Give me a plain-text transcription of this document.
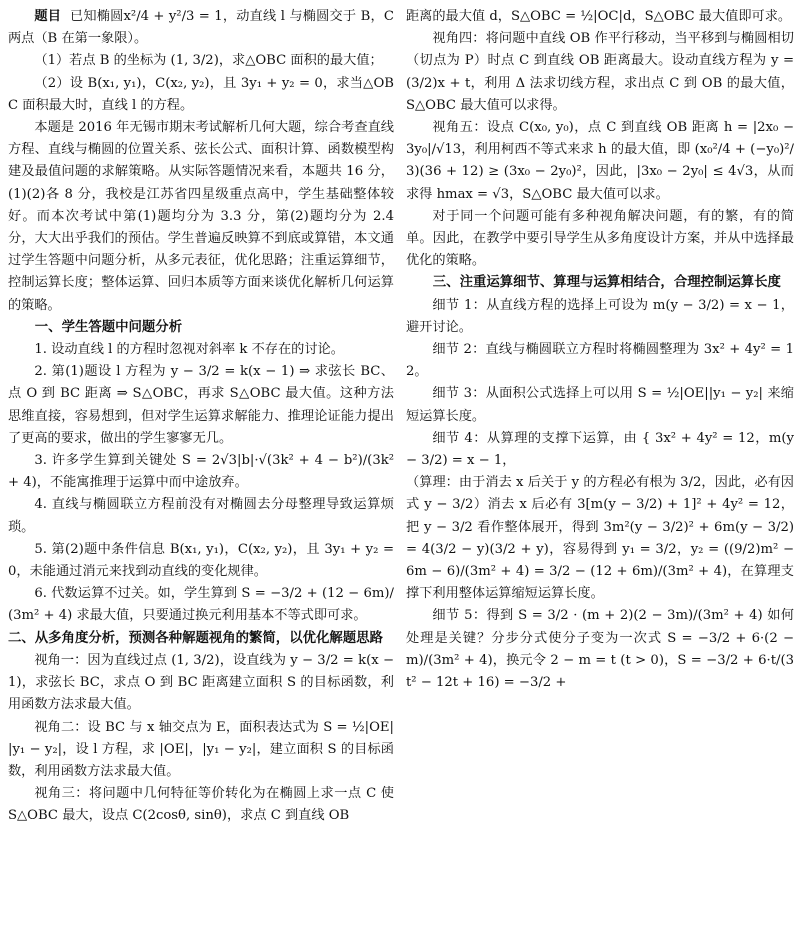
题目 已知椭圆x²/4 + y²/3 = 1，动直线 l 与椭圆交于 B，C 两点（B 在第一象限）。

（1）若点 B 的坐标为 (1, 3/2)，求△OBC 面积的最大值；

（2）设 B(x₁, y₁)，C(x₂, y₂)，且 3y₁ + y₂ = 0，求当△OBC 面积最大时，直线 l 的方程。

本题是 2016 年无锡市期末考试解析几何大题，综合考查直线方程、直线与椭圆的位置关系、弦长公式、面积计算、函数模型构建及最值问题的求解策略。从实际答题情况来看，本题共 16 分，(1)(2)各 8 分，我校是江苏省四星级重点高中，学生基础整体较好。而本次考试中第(1)题均分为 3.3 分，第(2)题均分为 2.4 分，大大出乎我们的预估。学生普遍反映算不到底或算错，本文通过学生答题中问题分析，从多元表征，优化思路；注重运算细节，控制运算长度；整体运算、回归本质等方面来谈优化解析几何运算的策略。

一、学生答题中问题分析

1. 设动直线 l 的方程时忽视对斜率 k 不存在的讨论。

2. 第(1)题设 l 方程为 y − 3/2 = k(x − 1) ⇒ 求弦长 BC、点 O 到 BC 距离 ⇒ S△OBC，再求 S△OBC 最大值。这种方法思维直接，容易想到，但对学生运算求解能力、推理论证能力提出了更高的要求，做出的学生寥寥无几。

3. 许多学生算到关键处 S = 2√3|b|·√(3k² + 4 − b²)/(3k² + 4)，不能寓推理于运算中而中途放弃。

4. 直线与椭圆联立方程前没有对椭圆去分母整理导致运算烦琐。

5. 第(2)题中条件信息 B(x₁, y₁)，C(x₂, y₂)，且 3y₁ + y₂ = 0，未能通过消元来找到动直线的变化规律。

6. 代数运算不过关。如，学生算到 S = −3/2 + (12 − 6m)/(3m² + 4) 求最大值，只要通过换元利用基本不等式即可求。

二、从多角度分析，预测各种解题视角的繁简，以优化解题思路

视角一：因为直线过点 (1, 3/2)，设直线为 y − 3/2 = k(x − 1)，求弦长 BC，求点 O 到 BC 距离建立面积 S 的目标函数，利用函数方法求最大值。

视角二：设 BC 与 x 轴交点为 E，面积表达式为 S = ½|OE||y₁ − y₂|，设 l 方程，求 |OE|，|y₁ − y₂|，建立面积 S 的目标函数，利用函数方法求最大值。

视角三：将问题中几何特征等价转化为在椭圆上求一点 C 使 S△OBC 最大，设点 C(2cosθ, sinθ)，求点 C 到直线 OB

距离的最大值 d，S△OBC = ½|OC|d，S△OBC 最大值即可求。

视角四：将问题中直线 OB 作平行移动，当平移到与椭圆相切（切点为 P）时点 C 到直线 OB 距离最大。设动直线方程为 y = (3/2)x + t，利用 Δ 法求切线方程，求出点 C 到 OB 的最大值，S△OBC 最大值可以求得。

视角五：设点 C(x₀, y₀)，点 C 到直线 OB 距离 h = |2x₀ − 3y₀|/√13，利用柯西不等式来求 h 的最大值，即 (x₀²/4 + (−y₀)²/3)(36 + 12) ≥ (3x₀ − 2y₀)²，因此，|3x₀ − 2y₀| ≤ 4√3，从而求得 hmax = √3，S△OBC 最大值可以求。

对于同一个问题可能有多种视角解决问题，有的繁，有的简单。因此，在教学中要引导学生从多角度设计方案，并从中选择最优化的策略。

三、注重运算细节、算理与运算相结合，合理控制运算长度

细节 1：从直线方程的选择上可设为 m(y − 3/2) = x − 1，避开讨论。

细节 2：直线与椭圆联立方程时将椭圆整理为 3x² + 4y² = 12。

细节 3：从面积公式选择上可以用 S = ½|OE||y₁ − y₂| 来缩短运算长度。

细节 4：从算理的支撑下运算，由 { 3x² + 4y² = 12，m(y − 3/2) = x − 1，

（算理：由于消去 x 后关于 y 的方程必有根为 3/2，因此，必有因式 y − 3/2）消去 x 后必有 3[m(y − 3/2) + 1]² + 4y² = 12，把 y − 3/2 看作整体展开，得到 3m²(y − 3/2)² + 6m(y − 3/2) = 4(3/2 − y)(3/2 + y)，容易得到 y₁ = 3/2，y₂ = ((9/2)m² − 6m − 6)/(3m² + 4) = 3/2 − (12 + 6m)/(3m² + 4)，在算理支撑下利用整体运算缩短运算长度。

细节 5：得到 S = 3/2 · (m + 2)(2 − 3m)/(3m² + 4) 如何处理是关键？分步分式使分子变为一次式 S = −3/2 + 6·(2 − m)/(3m² + 4)，换元令 2 − m = t (t > 0)，S = −3/2 + 6·t/(3t² − 12t + 16) = −3/2 +
